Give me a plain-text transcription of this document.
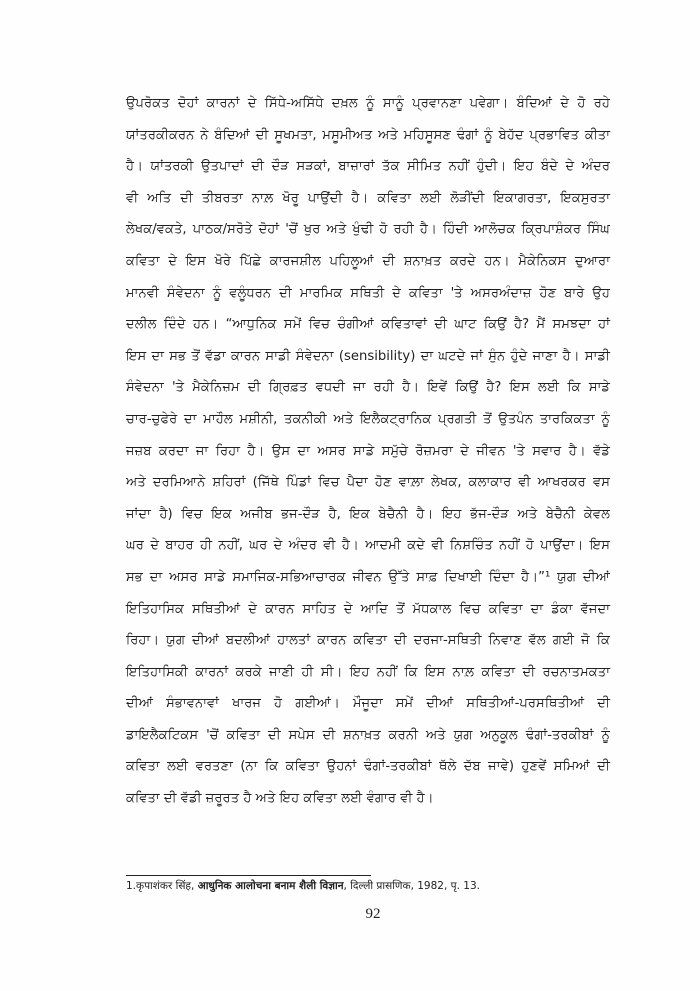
ਉਪਰੋਕਤ ਦੋਹਾਂ ਕਾਰਨਾਂ ਦੇ ਸਿੱਧੇ-ਅਸਿੱਧੇ ਦਖ਼ਲ ਨੂੰ ਸਾਨੂੰ ਪ੍ਰਵਾਨਣਾ ਪਵੇਗਾ। ਬੰਦਿਆਂ ਦੇ ਹੋ ਰਹੇ
ਯਾਂਤਰਕੀਕਰਨ ਨੇ ਬੰਦਿਆਂ ਦੀ ਸੂਖਮਤਾ, ਮਸੂਮੀਅਤ ਅਤੇ ਮਹਿਸੂਸਣ ਢੰਗਾਂ ਨੂੰ ਬੇਹੱਦ ਪ੍ਰਭਾਵਿਤ ਕੀਤਾ
ਹੈ। ਯਾਂਤਰਕੀ ਉਤਪਾਦਾਂ ਦੀ ਦੌੜ ਸੜਕਾਂ, ਬਾਜ਼ਾਰਾਂ ਤੱਕ ਸੀਮਿਤ ਨਹੀਂ ਹੁੰਦੀ। ਇਹ ਬੰਦੇ ਦੇ ਅੰਦਰ
ਵੀ ਅਤਿ ਦੀ ਤੀਬਰਤਾ ਨਾਲ਼ ਖੋਰੂ ਪਾਉਂਦੀ ਹੈ। ਕਵਿਤਾ ਲਈ ਲੋੜੀਂਦੀ ਇਕਾਗਰਤਾ, ਇਕਸੁਰਤਾ
ਲੇਖਕ/ਵਕਤੇ, ਪਾਠਕ/ਸਰੋਤੇ ਦੋਹਾਂ 'ਚੋਂ ਖੁਰ ਅਤੇ ਖੁੰਢੀ ਹੋ ਰਹੀ ਹੈ। ਹਿੰਦੀ ਆਲੋਚਕ ਕ੍ਰਿਪਾਸ਼ੰਕਰ ਸਿੰਘ
ਕਵਿਤਾ ਦੇ ਇਸ ਖੋਰੇ ਪਿੱਛੇ ਕਾਰਜਸ਼ੀਲ ਪਹਿਲੂਆਂ ਦੀ ਸ਼ਨਾਖ਼ਤ ਕਰਦੇ ਹਨ। ਮੈਕੇਨਿਕਸ ਦੁਆਰਾ
ਮਾਨਵੀ ਸੰਵੇਦਨਾ ਨੂੰ ਵਲੂੰਧਰਨ ਦੀ ਮਾਰਮਿਕ ਸਥਿਤੀ ਦੇ ਕਵਿਤਾ 'ਤੇ ਅਸਰਅੰਦਾਜ਼ ਹੋਣ ਬਾਰੇ ਉਹ
ਦਲੀਲ ਦਿੰਦੇ ਹਨ। “ਆਧੁਨਿਕ ਸਮੇਂ ਵਿਚ ਚੰਗੀਆਂ ਕਵਿਤਾਵਾਂ ਦੀ ਘਾਟ ਕਿਉਂ ਹੈ? ਮੈਂ ਸਮਝਦਾ ਹਾਂ
ਇਸ ਦਾ ਸਭ ਤੋਂ ਵੱਡਾ ਕਾਰਨ ਸਾਡੀ ਸੰਵੇਦਨਾ (sensibility) ਦਾ ਘਟਦੇ ਜਾਂ ਸੁੰਨ ਹੁੰਦੇ ਜਾਣਾ ਹੈ। ਸਾਡੀ
ਸੰਵੇਦਨਾ 'ਤੇ ਮੈਕੇਨਿਜ਼ਮ ਦੀ ਗ੍ਰਿਫ਼ਤ ਵਧਦੀ ਜਾ ਰਹੀ ਹੈ। ਇਵੇਂ ਕਿਉਂ ਹੈ? ਇਸ ਲਈ ਕਿ ਸਾਡੇ
ਚਾਰ-ਚੁਫੇਰੇ ਦਾ ਮਾਹੌਲ ਮਸ਼ੀਨੀ, ਤਕਨੀਕੀ ਅਤੇ ਇਲੈਕਟ੍ਰਾਨਿਕ ਪ੍ਰਗਤੀ ਤੋਂ ਉਤਪੰਨ ਤਾਰਕਿਕਤਾ ਨੂੰ
ਜਜ਼ਬ ਕਰਦਾ ਜਾ ਰਿਹਾ ਹੈ। ਉਸ ਦਾ ਅਸਰ ਸਾਡੇ ਸਮੁੱਚੇ ਰੋਜ਼ਮਰਾ ਦੇ ਜੀਵਨ 'ਤੇ ਸਵਾਰ ਹੈ। ਵੱਡੇ
ਅਤੇ ਦਰਮਿਆਨੇ ਸ਼ਹਿਰਾਂ (ਜਿੱਥੇ ਪਿੰਡਾਂ ਵਿਚ ਪੈਦਾ ਹੋਣ ਵਾਲ਼ਾ ਲੇਖਕ, ਕਲਾਕਾਰ ਵੀ ਆਖਰਕਰ ਵਸ
ਜਾਂਦਾ ਹੈ) ਵਿਚ ਇਕ ਅਜੀਬ ਭਜ-ਦੌੜ ਹੈ, ਇਕ ਬੇਚੈਨੀ ਹੈ। ਇਹ ਭੱਜ-ਦੌੜ ਅਤੇ ਬੇਚੈਨੀ ਕੇਵਲ
ਘਰ ਦੇ ਬਾਹਰ ਹੀ ਨਹੀਂ, ਘਰ ਦੇ ਅੰਦਰ ਵੀ ਹੈ। ਆਦਮੀ ਕਦੇ ਵੀ ਨਿਸ਼ਚਿੰਤ ਨਹੀਂ ਹੋ ਪਾਉਂਦਾ। ਇਸ
ਸਭ ਦਾ ਅਸਰ ਸਾਡੇ ਸਮਾਜਿਕ-ਸਭਿਆਚਾਰਕ ਜੀਵਨ ਉੱਤੇ ਸਾਫ਼ ਦਿਖਾਈ ਦਿੰਦਾ ਹੈ।”¹ ਯੁਗ ਦੀਆਂ
ਇਤਿਹਾਸਿਕ ਸਥਿਤੀਆਂ ਦੇ ਕਾਰਨ ਸਾਹਿਤ ਦੇ ਆਦਿ ਤੋਂ ਮੱਧਕਾਲ ਵਿਚ ਕਵਿਤਾ ਦਾ ਡੰਕਾ ਵੱਜਦਾ
ਰਿਹਾ। ਯੁਗ ਦੀਆਂ ਬਦਲੀਆਂ ਹਾਲਤਾਂ ਕਾਰਨ ਕਵਿਤਾ ਦੀ ਦਰਜਾ-ਸਥਿਤੀ ਨਿਵਾਣ ਵੱਲ ਗਈ ਜੋ ਕਿ
ਇਤਿਹਾਸਿਕੀ ਕਾਰਨਾਂ ਕਰਕੇ ਜਾਣੀ ਹੀ ਸੀ। ਇਹ ਨਹੀਂ ਕਿ ਇਸ ਨਾਲ਼ ਕਵਿਤਾ ਦੀ ਰਚਨਾਤਮਕਤਾ
ਦੀਆਂ ਸੰਭਾਵਨਾਵਾਂ ਖਾਰਜ ਹੋ ਗਈਆਂ। ਮੌਜੂਦਾ ਸਮੇਂ ਦੀਆਂ ਸਥਿਤੀਆਂ-ਪਰਸਥਿਤੀਆਂ ਦੀ
ਡਾਇਲੈਕਟਿਕਸ 'ਚੋਂ ਕਵਿਤਾ ਦੀ ਸਪੇਸ ਦੀ ਸ਼ਨਾਖ਼ਤ ਕਰਨੀ ਅਤੇ ਯੁਗ ਅਨੁਕੂਲ ਢੰਗਾਂ-ਤਰਕੀਬਾਂ ਨੂੰ
ਕਵਿਤਾ ਲਈ ਵਰਤਣਾ (ਨਾ ਕਿ ਕਵਿਤਾ ਉਹਨਾਂ ਢੰਗਾਂ-ਤਰਕੀਬਾਂ ਥੱਲੇ ਦੱਬ ਜਾਵੇ) ਹੁਣਵੇਂ ਸਮਿਆਂ ਦੀ
ਕਵਿਤਾ ਦੀ ਵੱਡੀ ਜ਼ਰੂਰਤ ਹੈ ਅਤੇ ਇਹ ਕਵਿਤਾ ਲਈ ਵੰਗਾਰ ਵੀ ਹੈ।
1.कृपाशंकर सिंह, आधुनिक आलोचना बनाम शैली विज्ञान, दिल्ली प्रासणिक, 1982, पृ. 13.
92
